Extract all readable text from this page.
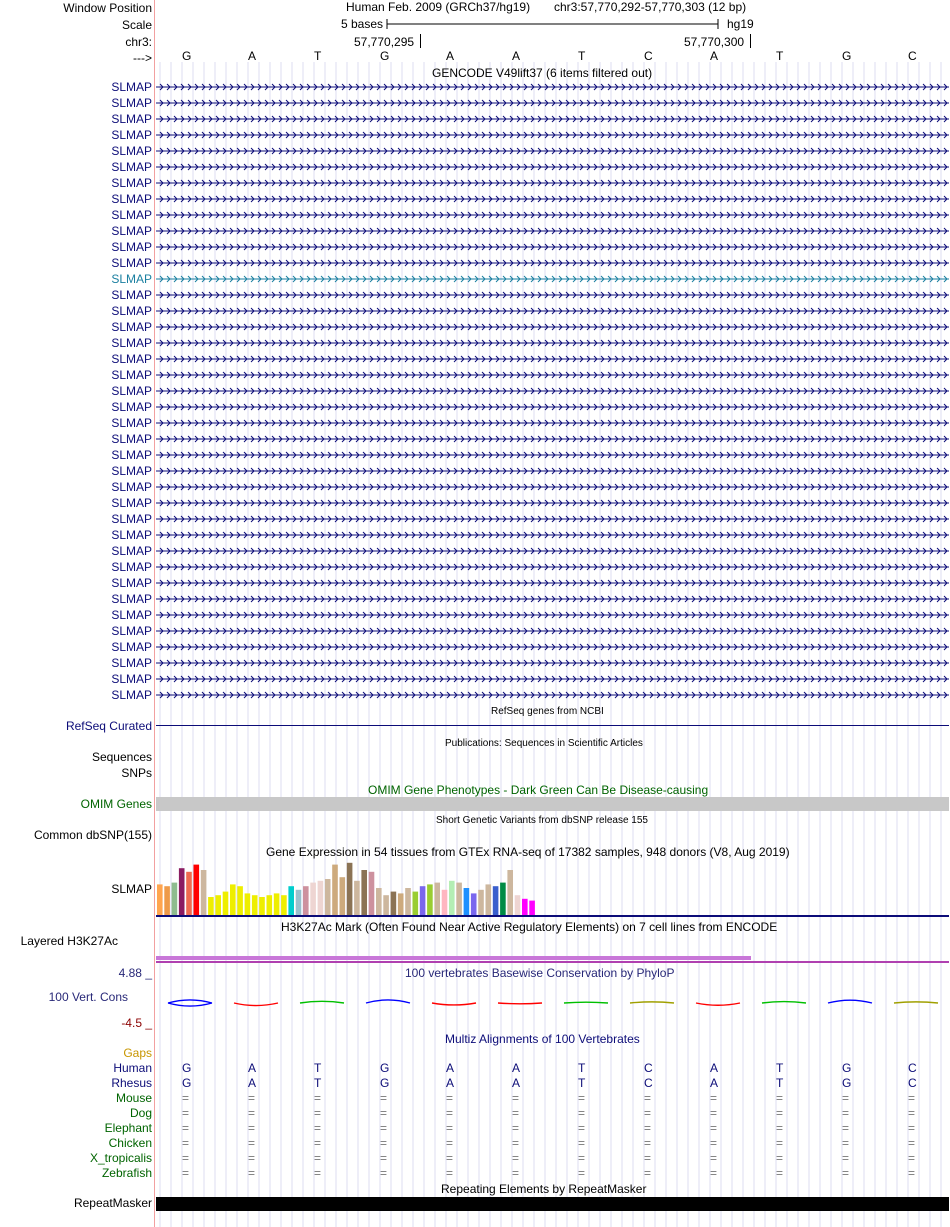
Window Position
Scale
chr3:
--->
Human Feb. 2009 (GRCh37/hg19) chr3:57,770,292-57,770,303 (12 bp)
5 bases	hg19
57,770,295	57,770,300
G	A	T	G	A	A	T	C	A	T	G	C
GENCODE V49lift37 (6 items filtered out)
SLMAP
SLMAP
SLMAP
SLMAP
SLMAP
SLMAP
SLMAP
SLMAP
SLMAP
SLMAP
SLMAP
SLMAP
SLMAP
SLMAP
SLMAP
SLMAP
SLMAP
SLMAP
SLMAP
SLMAP
SLMAP
SLMAP
SLMAP
SLMAP
SLMAP
SLMAP
SLMAP
SLMAP
SLMAP
SLMAP
SLMAP
SLMAP
SLMAP
SLMAP
SLMAP
SLMAP
SLMAP
SLMAP
SLMAP
RefSeq genes from NCBI
RefSeq Curated
Publications: Sequences in Scientific Articles
Sequences
SNPs
OMIM Gene Phenotypes - Dark Green Can Be Disease-causing
OMIM Genes
Short Genetic Variants from dbSNP release 155
Common dbSNP(155)
Gene Expression in 54 tissues from GTEx RNA-seq of 17382 samples, 948 donors (V8, Aug 2019)
SLMAP
H3K27Ac Mark (Often Found Near Active Regulatory Elements) on 7 cell lines from ENCODE
Layered H3K27Ac
100 vertebrates Basewise Conservation by PhyloP
4.88 _
100 Vert. Cons
-4.5 _
Multiz Alignments of 100 Vertebrates
Gaps
Human	G	A	T	G	A	A	T	C	A	T	G	C
Rhesus	G	A	T	G	A	A	T	C	A	T	G	C
Mouse	=	=	=	=	=	=	=	=	=	=	=	=
Dog	=	=	=	=	=	=	=	=	=	=	=	=
Elephant	=	=	=	=	=	=	=	=	=	=	=	=
Chicken	=	=	=	=	=	=	=	=	=	=	=	=
X_tropicalis	=	=	=	=	=	=	=	=	=	=	=	=
Zebrafish	=	=	=	=	=	=	=	=	=	=	=	=
Repeating Elements by RepeatMasker
RepeatMasker
